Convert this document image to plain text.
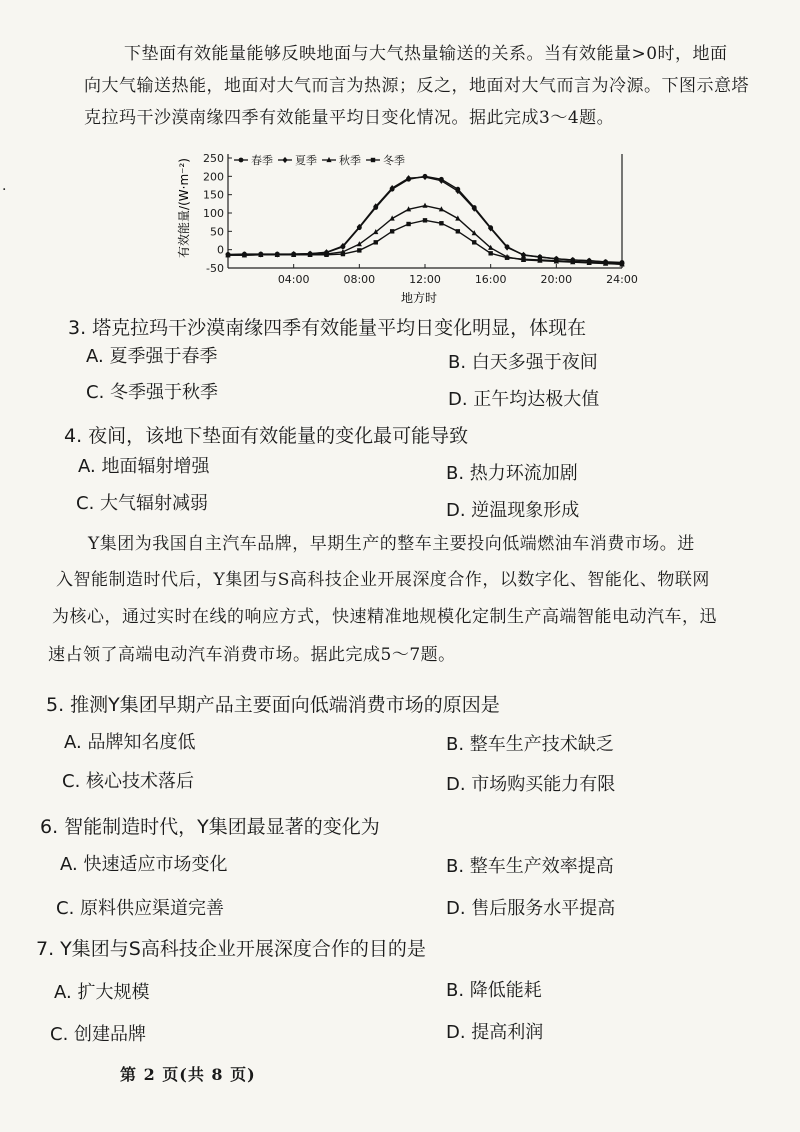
·
下垫面有效能量能够反映地面与大气热量输送的关系。当有效能量>0时，地面
向大气输送热能，地面对大气而言为热源；反之，地面对大气而言为冷源。下图示意塔
克拉玛干沙漠南缘四季有效能量平均日变化情况。据此完成3～4题。
-50
0
50
100
150
200
250
04:00	08:00	12:00	16:00	20:00	24:00
春季 夏季 秋季 冬季
有效能量/(W·m⁻²)
地方时
3. 塔克拉玛干沙漠南缘四季有效能量平均日变化明显，体现在
A. 夏季强于春季	B. 白天多强于夜间
C. 冬季强于秋季	D. 正午均达极大值
4. 夜间，该地下垫面有效能量的变化最可能导致
A. 地面辐射增强	B. 热力环流加剧
C. 大气辐射减弱	D. 逆温现象形成
Y集团为我国自主汽车品牌，早期生产的整车主要投向低端燃油车消费市场。进
入智能制造时代后，Y集团与S高科技企业开展深度合作，以数字化、智能化、物联网
为核心，通过实时在线的响应方式，快速精准地规模化定制生产高端智能电动汽车，迅
速占领了高端电动汽车消费市场。据此完成5～7题。
5. 推测Y集团早期产品主要面向低端消费市场的原因是
A. 品牌知名度低	B. 整车生产技术缺乏
C. 核心技术落后	D. 市场购买能力有限
6. 智能制造时代，Y集团最显著的变化为
A. 快速适应市场变化	B. 整车生产效率提高
C. 原料供应渠道完善	D. 售后服务水平提高
7. Y集团与S高科技企业开展深度合作的目的是
A. 扩大规模	B. 降低能耗
C. 创建品牌	D. 提高利润
第 2 页(共 8 页)
